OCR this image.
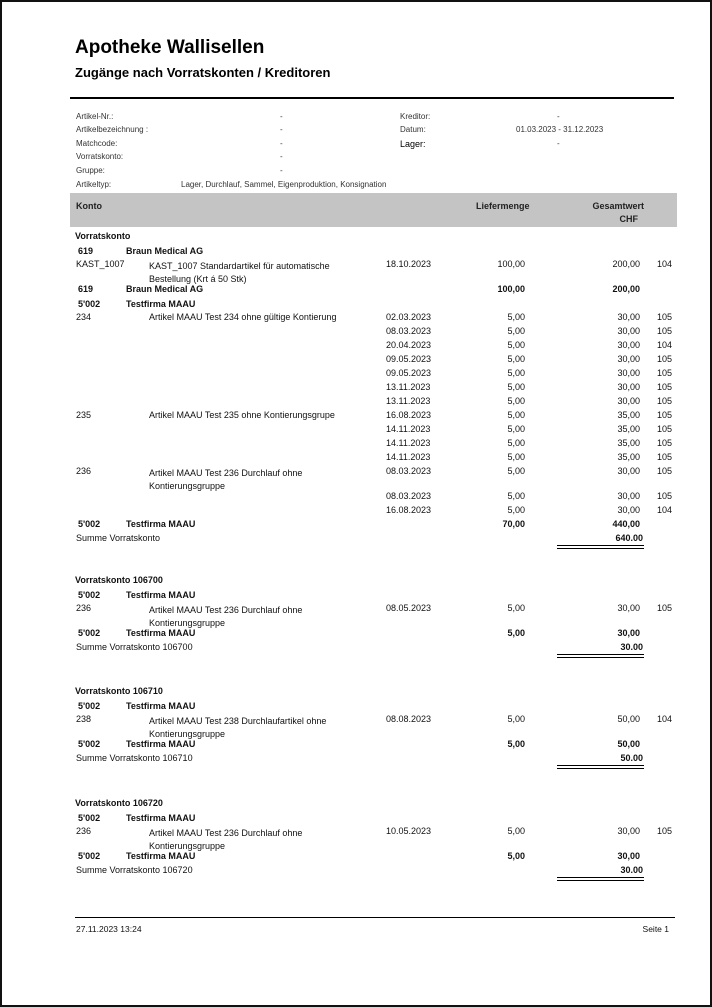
Apotheke Wallisellen
Zugänge nach Vorratskonten / Kreditoren
Artikel-Nr.:	-
Artikelbezeichnung :	-
Matchcode:	-
Vorratskonto:	-
Gruppe:	-
Artikeltyp:	Lager, Durchlauf, Sammel, Eigenproduktion, Konsignation
Kreditor:	-
Datum:	01.03.2023 - 31.12.2023
Lager:	-
Konto	Liefermenge	Gesamtwert
CHF
Vorratskonto
619	Braun Medical AG
KAST_1007	KAST_1007 Standardartikel für automatische
Bestellung (Krt á 50 Stk)
18.10.2023	100,00	200,00 104
619	Braun Medical AG	100,00	200,00
5'002	Testfirma MAAU
234	Artikel MAAU Test 234 ohne gültige Kontierung	02.03.2023	5,00	30,00 105
08.03.2023	5,00	30,00 105
20.04.2023	5,00	30,00 104
09.05.2023	5,00	30,00 105
09.05.2023	5,00	30,00 105
13.11.2023	5,00	30,00 105
13.11.2023	5,00	30,00 105
235	Artikel MAAU Test 235 ohne Kontierungsgrupe	16.08.2023	5,00	35,00 105
14.11.2023	5,00	35,00 105
14.11.2023	5,00	35,00 105
14.11.2023	5,00	35,00 105
236	Artikel MAAU Test 236 Durchlauf ohne
Kontierungsgruppe
08.03.2023	5,00	30,00 105
08.03.2023	5,00	30,00 105
16.08.2023	5,00	30,00 104
5'002	Testfirma MAAU	70,00	440,00
Summe Vorratskonto	640.00
Vorratskonto 106700
5'002	Testfirma MAAU
236	Artikel MAAU Test 236 Durchlauf ohne
Kontierungsgruppe
08.05.2023	5,00	30,00 105
5'002	Testfirma MAAU	5,00	30,00
Summe Vorratskonto 106700	30.00
Vorratskonto 106710
5'002	Testfirma MAAU
238	Artikel MAAU Test 238 Durchlaufartikel ohne
Kontierungsgruppe
08.08.2023	5,00	50,00 104
5'002	Testfirma MAAU	5,00	50,00
Summe Vorratskonto 106710	50.00
Vorratskonto 106720
5'002	Testfirma MAAU
236	Artikel MAAU Test 236 Durchlauf ohne
Kontierungsgruppe
10.05.2023	5,00	30,00 105
5'002	Testfirma MAAU	5,00	30,00
Summe Vorratskonto 106720	30.00
27.11.2023 13:24	Seite 1
